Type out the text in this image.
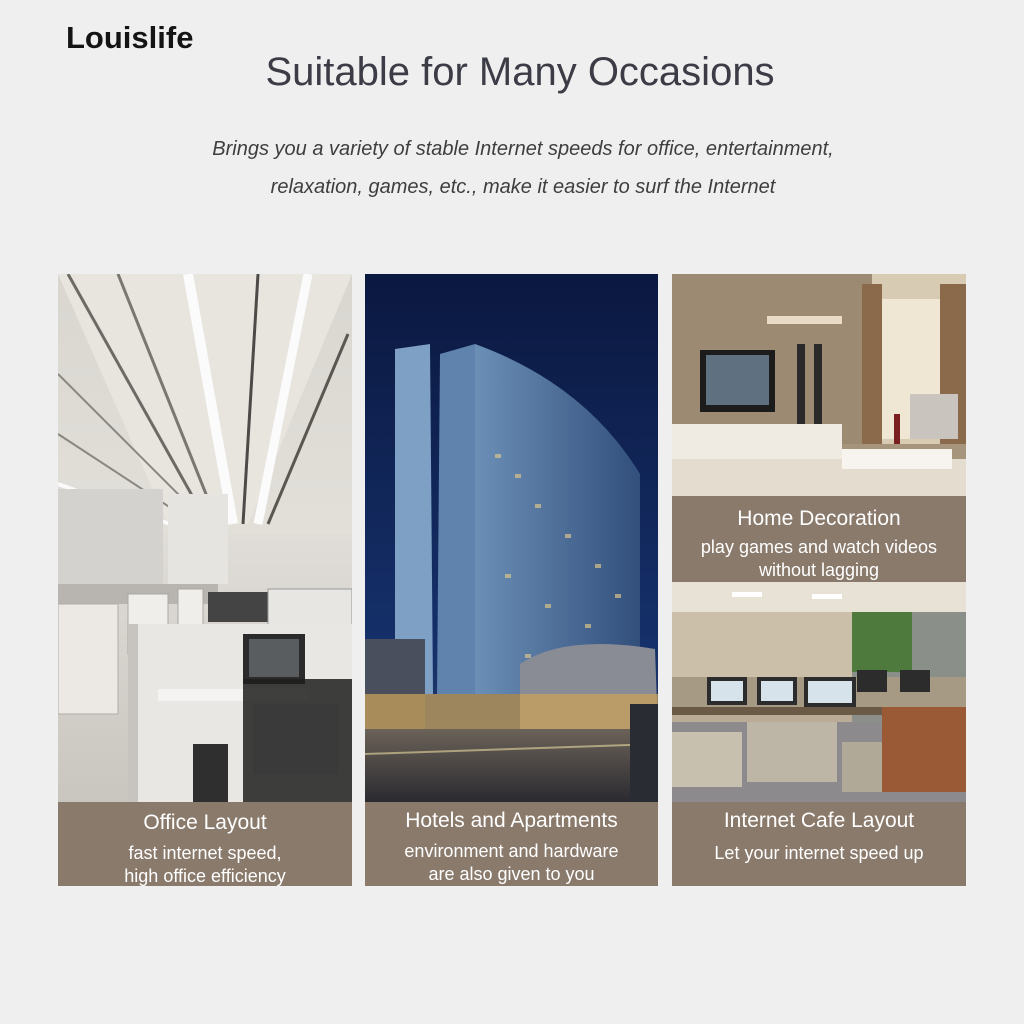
Louislife
Suitable for Many Occasions
Brings you a variety of stable Internet speeds for office, entertainment,
relaxation, games, etc., make it easier to surf the Internet
Office Layout
fast internet speed,
high office efficiency
Hotels and Apartments
environment and hardware
are also given to you
Home Decoration
play games and watch videos
without lagging
Internet Cafe Layout
Let your internet speed up
